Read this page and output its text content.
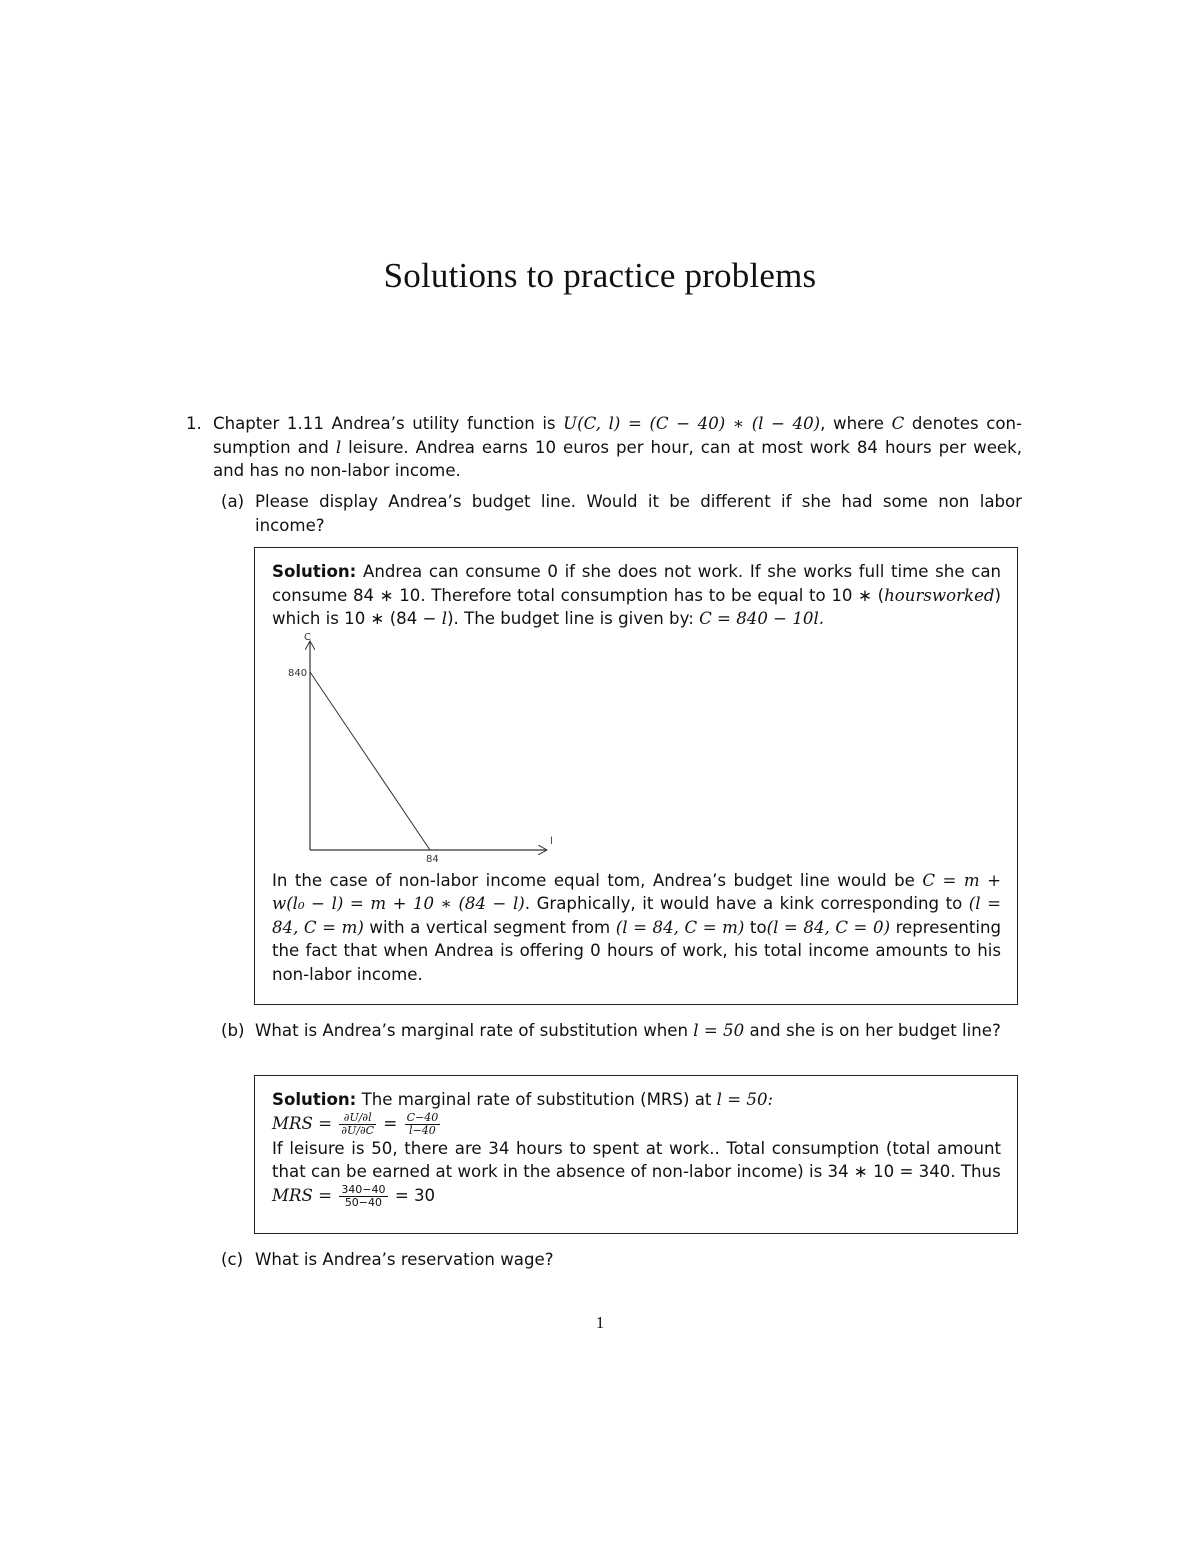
Solutions to practice problems
1. Chapter 1.11 Andrea’s utility function is U(C, l) = (C − 40) ∗ (l − 40), where C denotes con-sumption and l leisure. Andrea earns 10 euros per hour, can at most work 84 hours per week, and has no non-labor income.
(a) Please display Andrea’s budget line. Would it be different if she had some non labor income?

Solution: Andrea can consume 0 if she does not work. If she works full time she can consume 84 ∗ 10. Therefore total consumption has to be equal to 10 ∗ (hoursworked) which is 10 ∗ (84 − l). The budget line is given by: C = 840 − 10l.

In the case of non-labor income equal tom, Andrea’s budget line would be C = m + w(l₀ − l) = m + 10 ∗ (84 − l). Graphically, it would have a kink corresponding to (l = 84, C = m) with a vertical segment from (l = 84, C = m) to(l = 84, C = 0) representing the fact that when Andrea is offering 0 hours of work, his total income amounts to his non-labor income.

C
l
840
84
(b) What is Andrea’s marginal rate of substitution when l = 50 and she is on her budget line?

Solution: The marginal rate of substitution (MRS) at l = 50:

MRS = $\frac{\partial U/\partial l}{\partial U/\partial C} = \frac{C-40}{l-40}$

If leisure is 50, there are 34 hours to spent at work.. Total consumption (total amount that can be earned at work in the absence of non-labor income) is 34 ∗ 10 = 340. Thus

MRS = $\frac{340-40}{50-40} = 30$

(c) What is Andrea’s reservation wage?
1
